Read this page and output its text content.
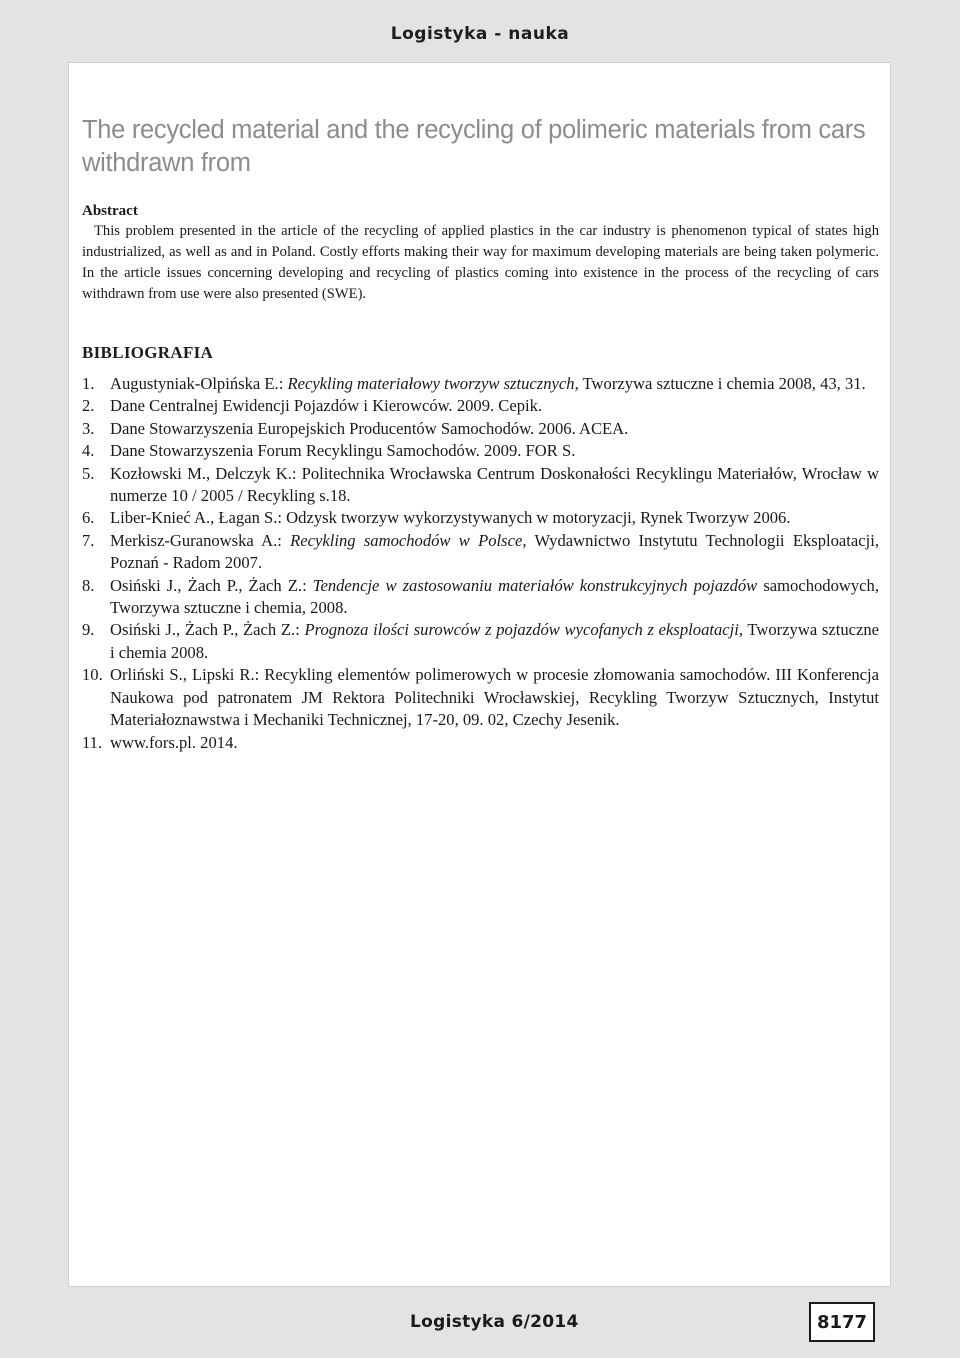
Logistyka - nauka
The recycled material and the recycling of polimeric materials from cars withdrawn from
Abstract
This problem presented in the article of the recycling of applied plastics in the car industry is phenomenon typical of states high industrialized, as well as and in Poland. Costly efforts making their way for maximum developing materials are being taken polymeric. In the article issues concerning developing and recycling of plastics coming into existence in the process of the recycling of cars withdrawn from use were also presented (SWE).
BIBLIOGRAFIA
1. Augustyniak-Olpińska E.: Recykling materiałowy tworzyw sztucznych, Tworzywa sztuczne i chemia 2008, 43, 31.
2. Dane Centralnej Ewidencji Pojazdów i Kierowców. 2009. Cepik.
3. Dane Stowarzyszenia Europejskich Producentów Samochodów. 2006. ACEA.
4. Dane Stowarzyszenia Forum Recyklingu Samochodów. 2009. FOR S.
5. Kozłowski M., Delczyk K.: Politechnika Wrocławska Centrum Doskonałości Recyklingu Materiałów, Wrocław w numerze 10 / 2005 / Recykling s.18.
6. Liber-Knieć A., Łagan S.: Odzysk tworzyw wykorzystywanych w motoryzacji, Rynek Tworzyw 2006.
7. Merkisz-Guranowska A.: Recykling samochodów w Polsce, Wydawnictwo Instytutu Technologii Eksploatacji, Poznań - Radom 2007.
8. Osiński J., Żach P., Żach Z.: Tendencje w zastosowaniu materiałów konstrukcyjnych pojazdów samochodowych, Tworzywa sztuczne i chemia, 2008.
9. Osiński J., Żach P., Żach Z.: Prognoza ilości surowców z pojazdów wycofanych z eksploatacji, Tworzywa sztuczne i chemia 2008.
10. Orliński S., Lipski R.: Recykling elementów polimerowych w procesie złomowania samochodów. III Konferencja Naukowa pod patronatem JM Rektora Politechniki Wrocławskiej, Recykling Tworzyw Sztucznych, Instytut Materiałoznawstwa i Mechaniki Technicznej, 17-20, 09. 02, Czechy Jesenik.
11. www.fors.pl. 2014.
Logistyka 6/2014	8177
